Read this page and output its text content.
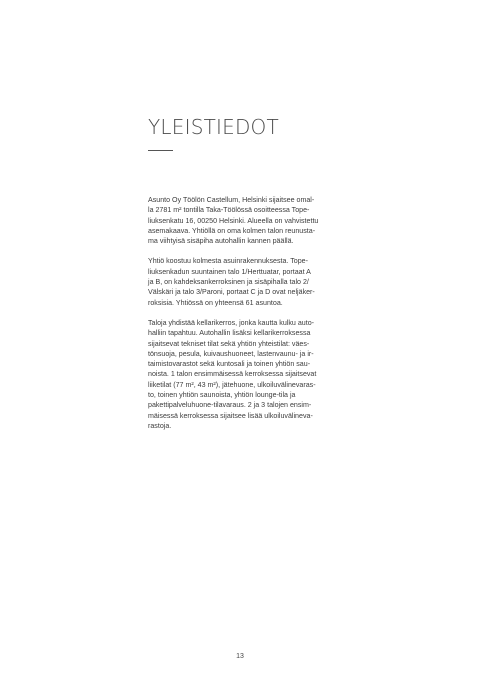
YLEISTIEDOT

Asunto Oy Töölön Castellum, Helsinki sijaitsee omal-
la 2781 m² tontilla Taka-Töölössä osoitteessa Tope-
liuksenkatu 16, 00250 Helsinki. Alueella on vahvistettu
asemakaava. Yhtiöllä on oma kolmen talon reunusta-
ma viihtyisä sisäpiha autohallin kannen päällä.

Yhtiö koostuu kolmesta asuinrakennuksesta. Tope-
liuksenkadun suuntainen talo 1/Herttuatar, portaat A
ja B, on kahdeksankerroksinen ja sisäpihalla talo 2/
Välskäri ja talo 3/Paroni, portaat C ja D ovat neljäker-
roksisia. Yhtiössä on yhteensä 61 asuntoa.

Taloja yhdistää kellarikerros, jonka kautta kulku auto-
halliin tapahtuu. Autohallin lisäksi kellarikerroksessa
sijaitsevat tekniset tilat sekä yhtiön yhteistilat: väes-
tönsuoja, pesula, kuivaushuoneet, lastenvaunu- ja ir-
taimistovarastot sekä kuntosali ja toinen yhtiön sau-
noista. 1 talon ensimmäisessä kerroksessa sijaitsevat
liiketilat (77 m², 43 m²), jätehuone, ulkoiluvälinevaras-
to, toinen yhtiön saunoista, yhtiön lounge-tila ja
pakettipalveluhuone-tilavaraus. 2 ja 3 talojen ensim-
mäisessä kerroksessa sijaitsee lisää ulkoiluvälineva-
rastoja.

13
